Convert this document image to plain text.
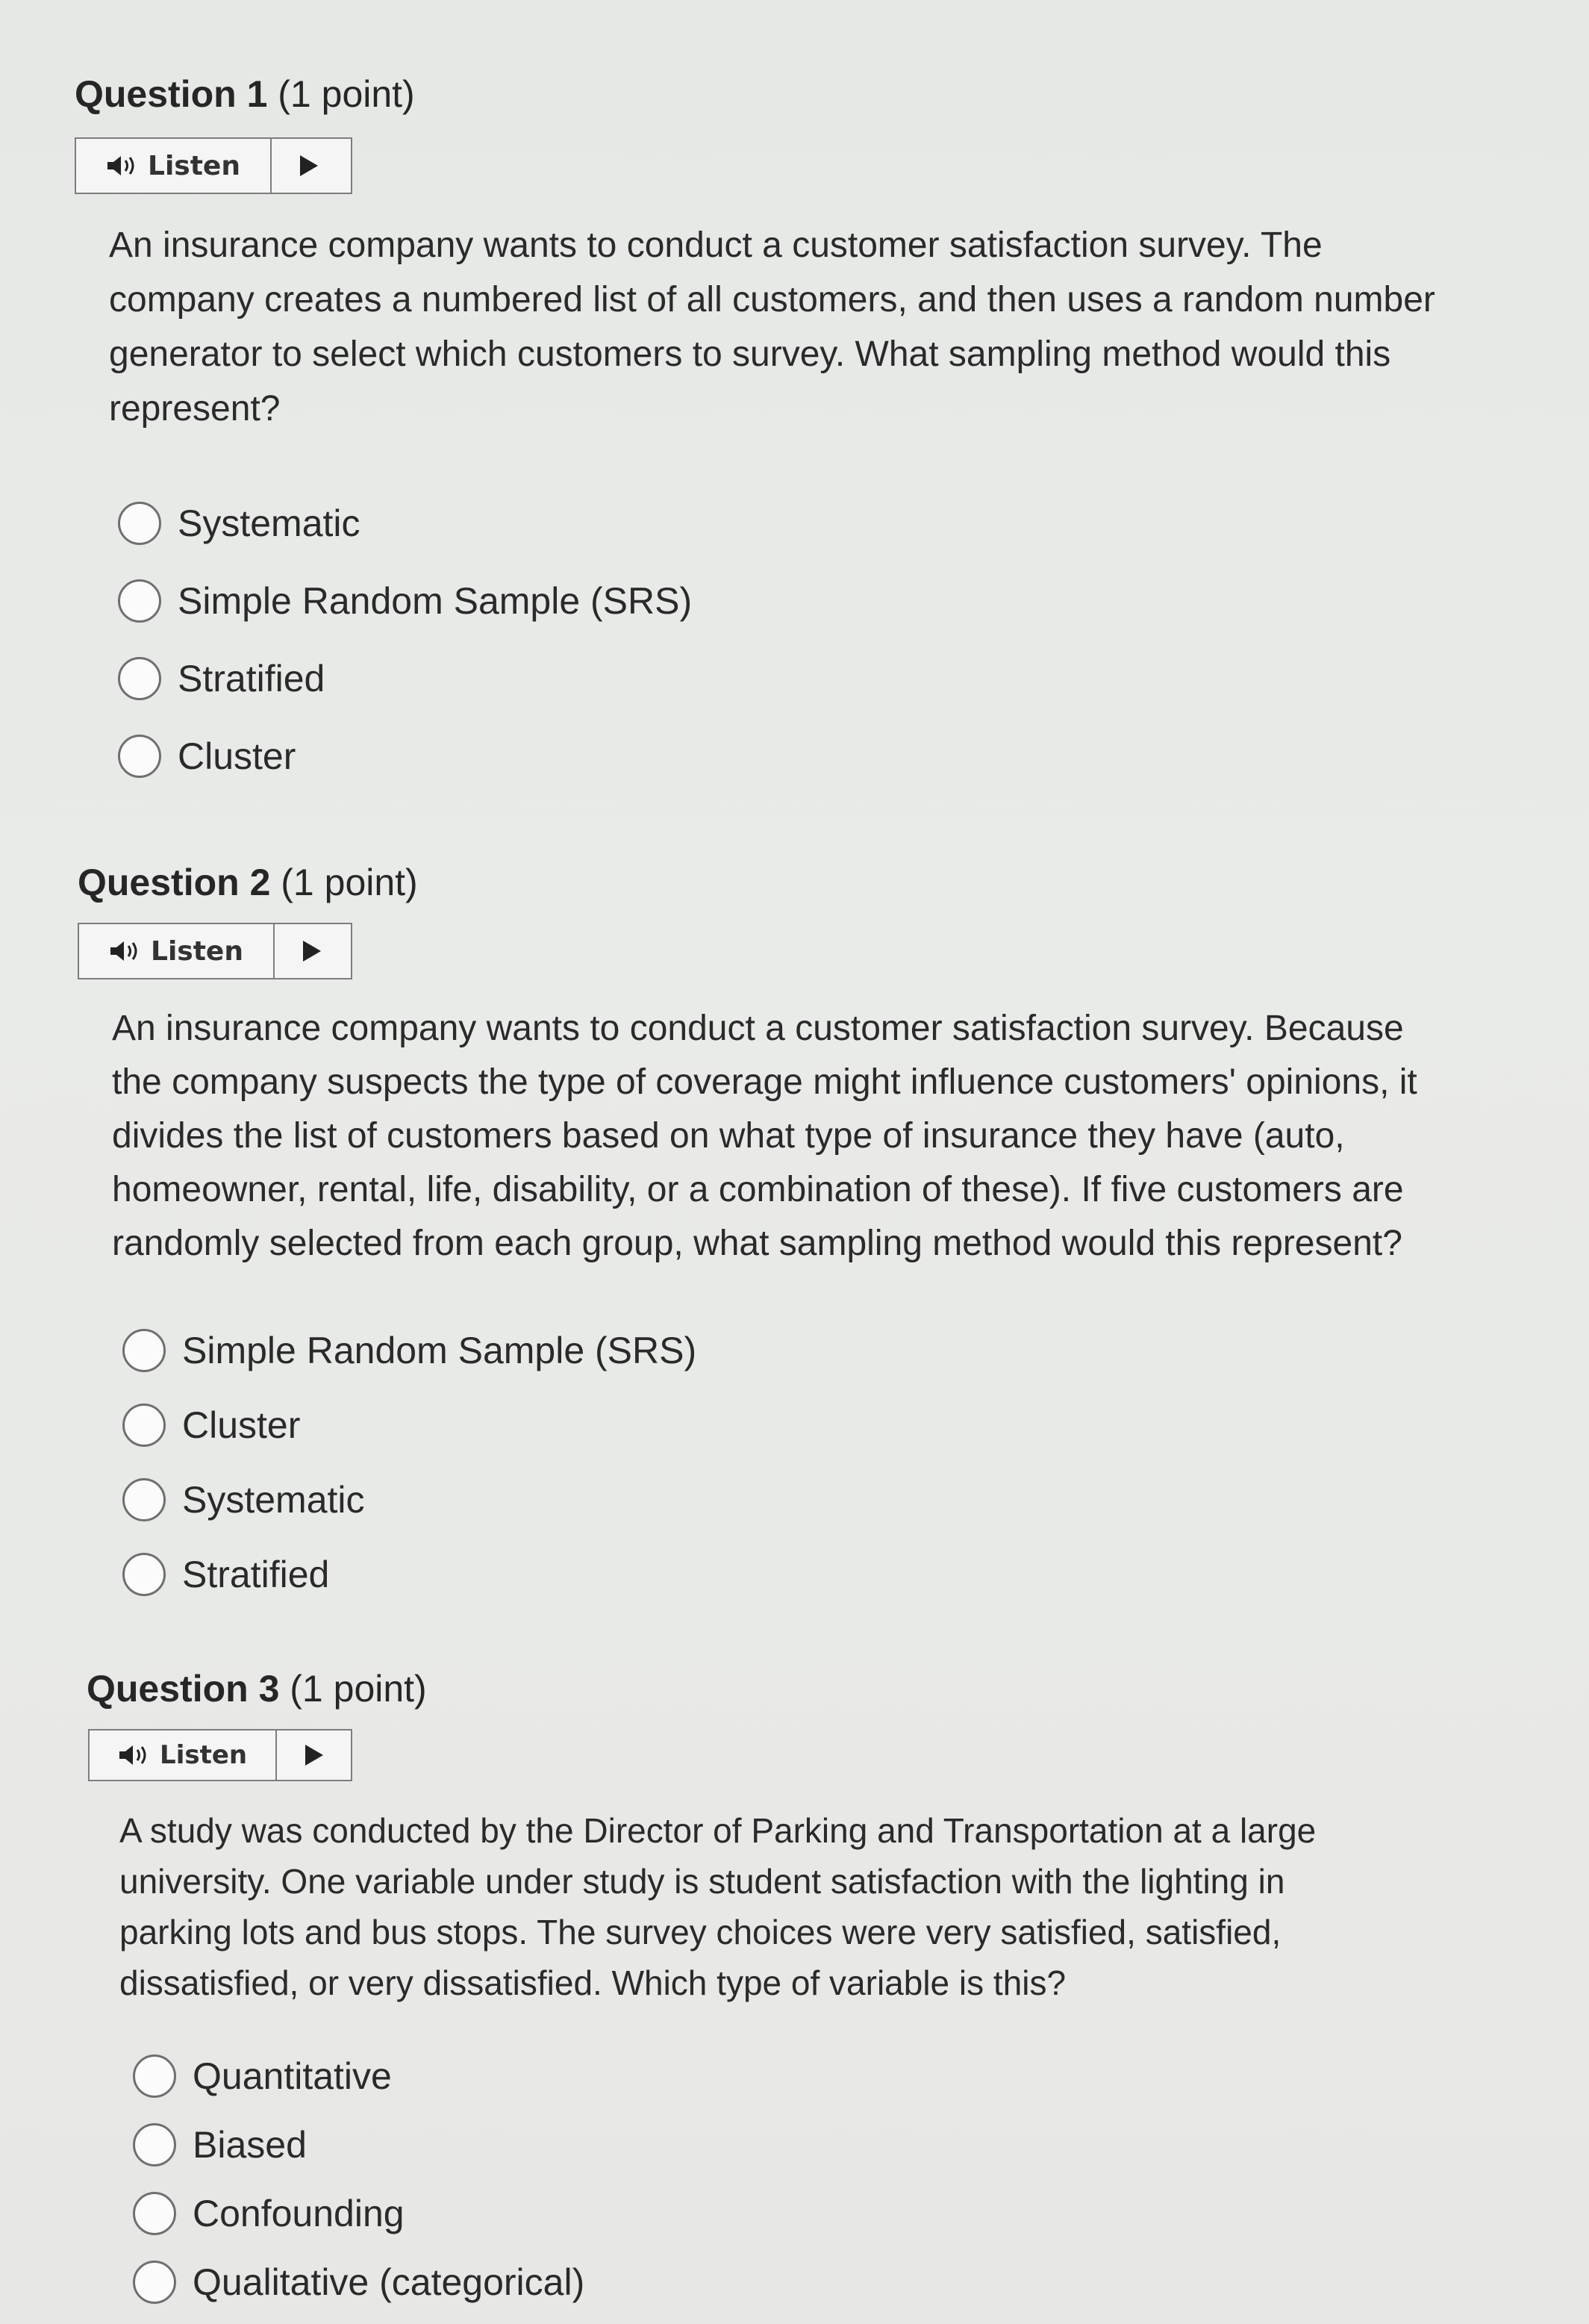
Question 1 (1 point)
Listen
An insurance company wants to conduct a customer satisfaction survey. The
company creates a numbered list of all customers, and then uses a random number
generator to select which customers to survey. What sampling method would this
represent?
Systematic
Simple Random Sample (SRS)
Stratified
Cluster
Question 2 (1 point)
Listen
An insurance company wants to conduct a customer satisfaction survey. Because
the company suspects the type of coverage might influence customers' opinions, it
divides the list of customers based on what type of insurance they have (auto,
homeowner, rental, life, disability, or a combination of these). If five customers are
randomly selected from each group, what sampling method would this represent?
Simple Random Sample (SRS)
Cluster
Systematic
Stratified
Question 3 (1 point)
Listen
A study was conducted by the Director of Parking and Transportation at a large
university. One variable under study is student satisfaction with the lighting in
parking lots and bus stops. The survey choices were very satisfied, satisfied,
dissatisfied, or very dissatisfied. Which type of variable is this?
Quantitative
Biased
Confounding
Qualitative (categorical)
